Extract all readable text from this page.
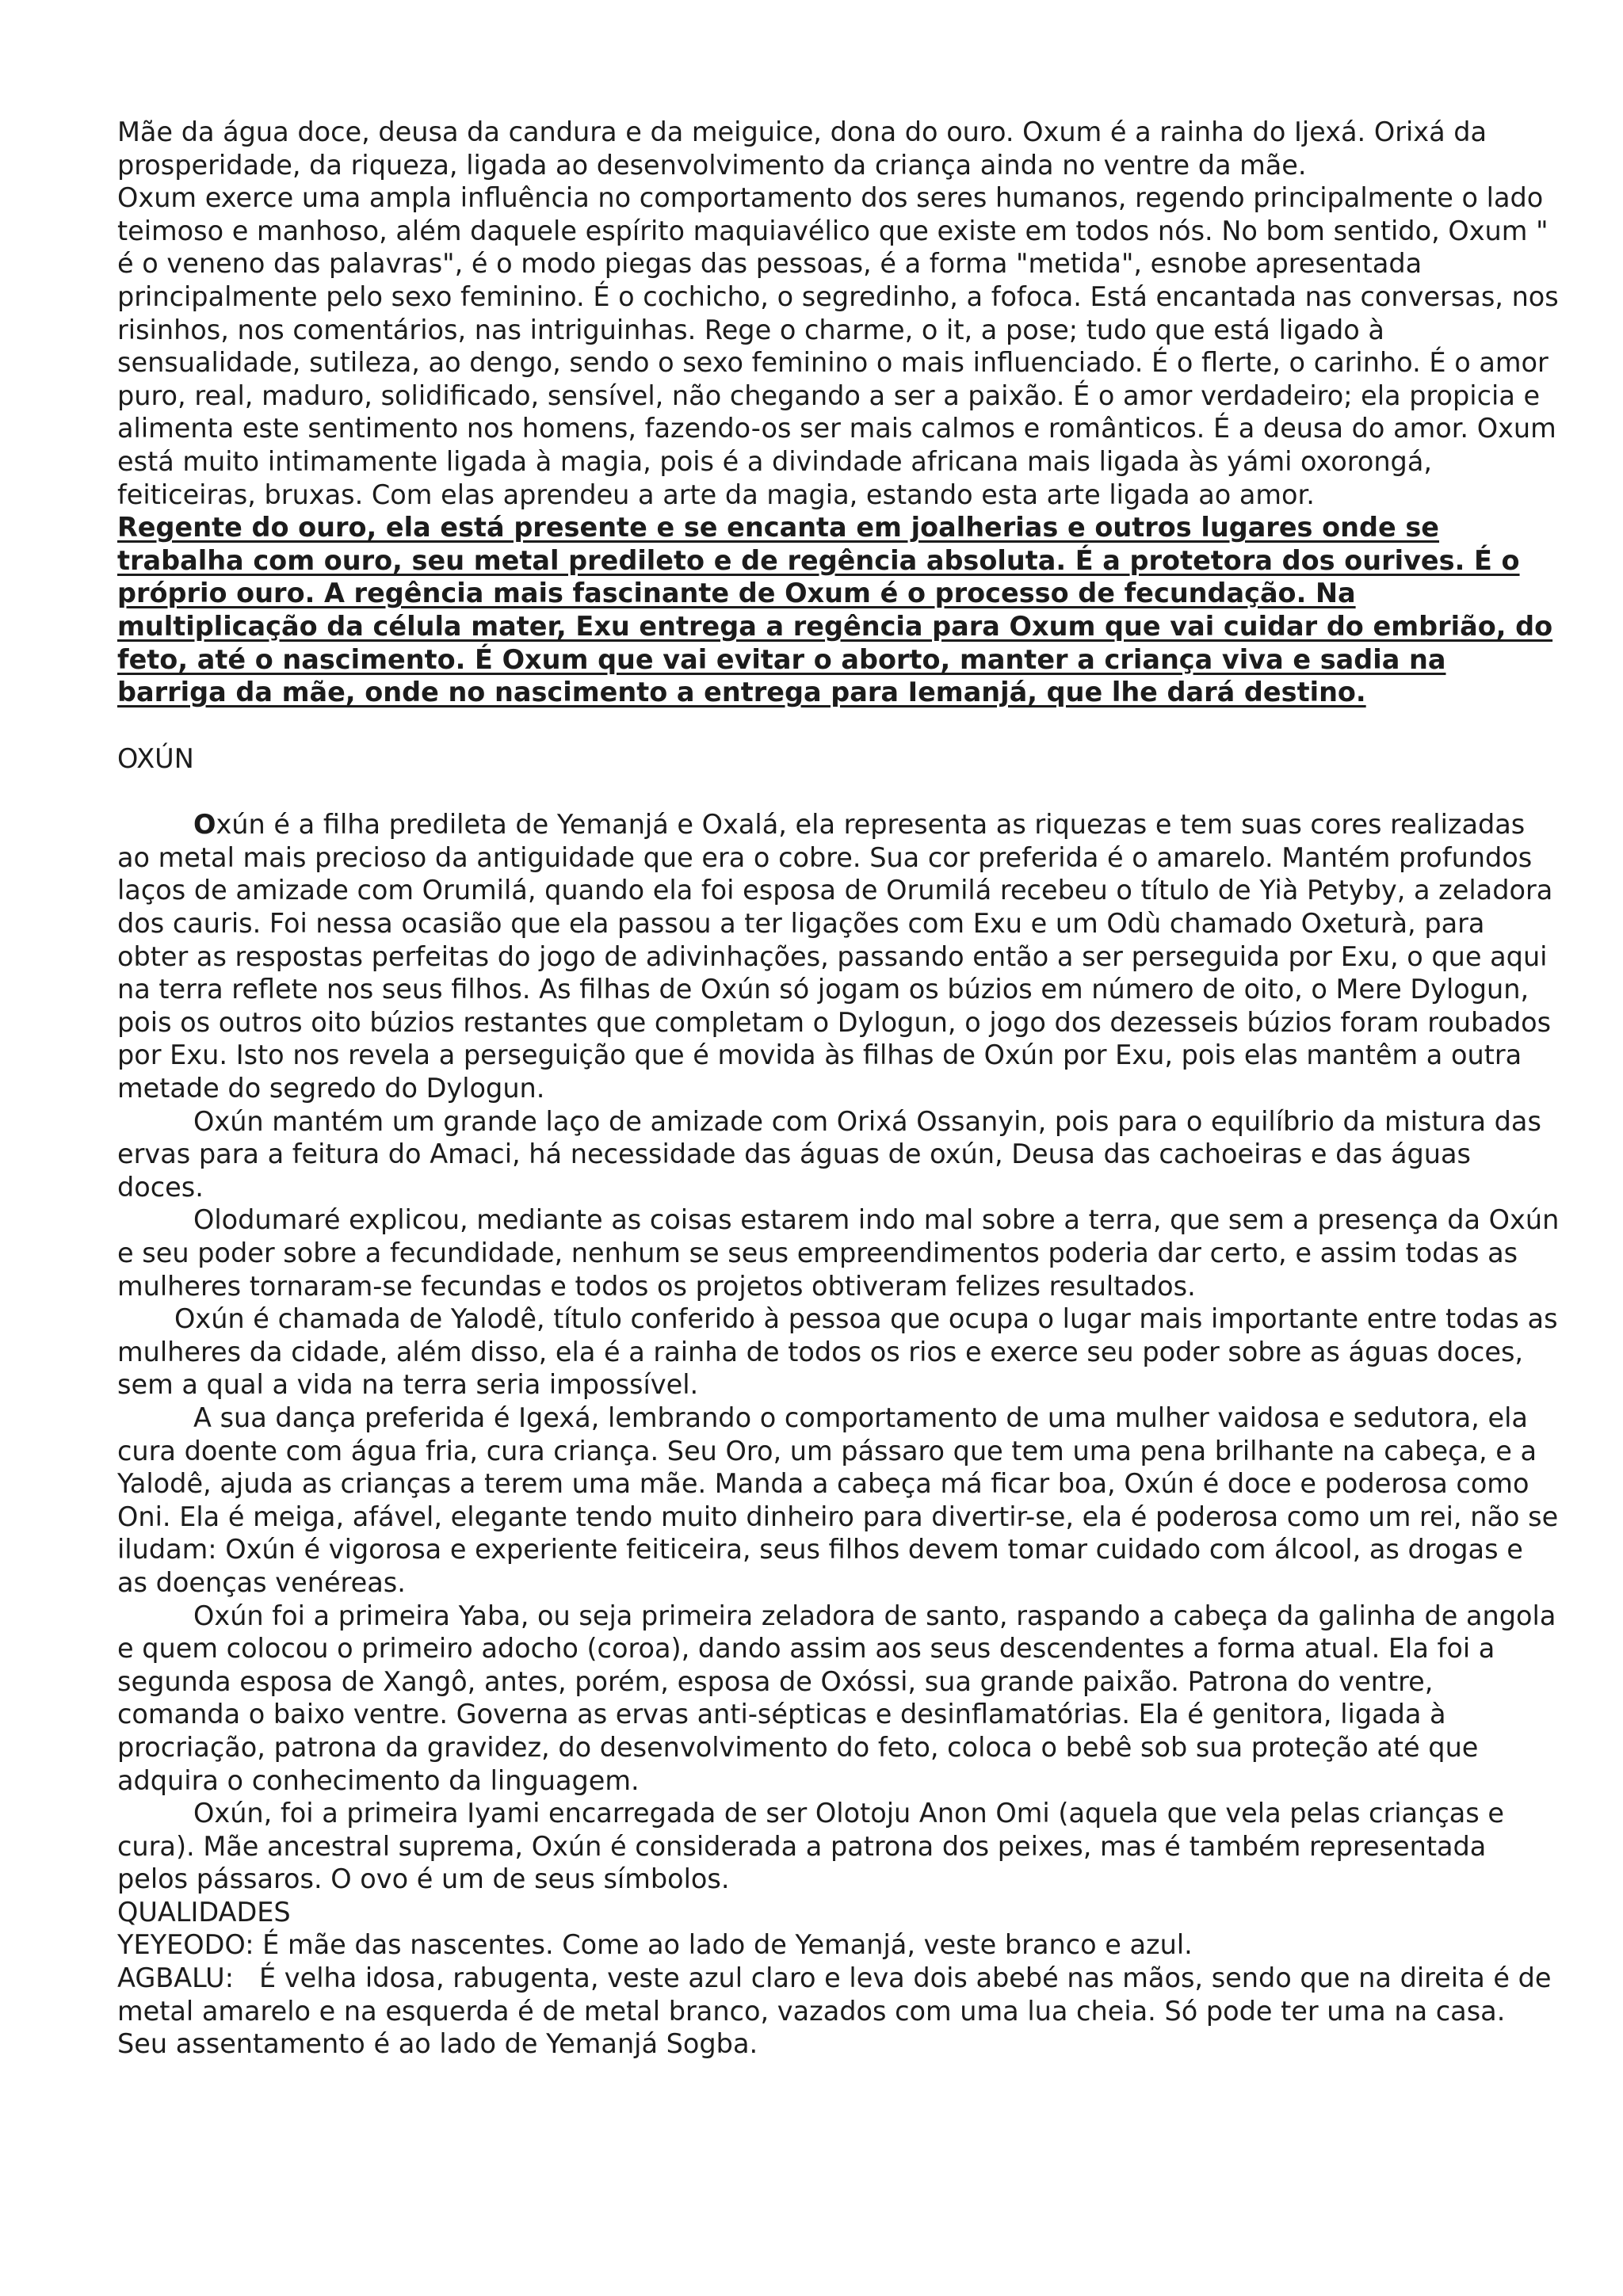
Mãe da água doce, deusa da candura e da meiguice, dona do ouro. Oxum é a rainha do Ijexá. Orixá da prosperidade, da riqueza, ligada ao desenvolvimento da criança ainda no ventre da mãe.

Oxum exerce uma ampla influência no comportamento dos seres humanos, regendo principalmente o lado teimoso e manhoso, além daquele espírito maquiavélico que existe em todos nós. No bom sentido, Oxum " é o veneno das palavras", é o modo piegas das pessoas, é a forma "metida", esnobe apresentada principalmente pelo sexo feminino. É o cochicho, o segredinho, a fofoca. Está encantada nas conversas, nos risinhos, nos comentários, nas intriguinhas. Rege o charme, o it, a pose; tudo que está ligado à sensualidade, sutileza, ao dengo, sendo o sexo feminino o mais influenciado. É o flerte, o carinho. É o amor puro, real, maduro, solidificado, sensível, não chegando a ser a paixão. É o amor verdadeiro; ela propicia e alimenta este sentimento nos homens, fazendo-os ser mais calmos e românticos. É a deusa do amor. Oxum está muito intimamente ligada à magia, pois é a divindade africana mais ligada às yámi oxorongá, feiticeiras, bruxas. Com elas aprendeu a arte da magia, estando esta arte ligada ao amor.

Regente do ouro, ela está presente e se encanta em joalherias e outros lugares onde se trabalha com ouro, seu metal predileto e de regência absoluta. É a protetora dos ourives. É o próprio ouro. A regência mais fascinante de Oxum é o processo de fecundação. Na multiplicação da célula mater, Exu entrega a regência para Oxum que vai cuidar do embrião, do feto, até o nascimento. É Oxum que vai evitar o aborto, manter a criança viva e sadia na barriga da mãe, onde no nascimento a entrega para Iemanjá, que lhe dará destino.

OXÚN

Oxún é a filha predileta de Yemanjá e Oxalá, ela representa as riquezas e tem suas cores realizadas ao metal mais precioso da antiguidade que era o cobre. Sua cor preferida é o amarelo. Mantém profundos laços de amizade com Orumilá, quando ela foi esposa de Orumilá recebeu o título de Yià Petyby, a zeladora dos cauris. Foi nessa ocasião que ela passou a ter ligações com Exu e um Odù chamado Oxeturà, para obter as respostas perfeitas do jogo de adivinhações, passando então a ser perseguida por Exu, o que aqui na terra reflete nos seus filhos. As filhas de Oxún só jogam os búzios em número de oito, o Mere Dylogun, pois os outros oito búzios restantes que completam o Dylogun, o jogo dos dezesseis búzios foram roubados por Exu. Isto nos revela a perseguição que é movida às filhas de Oxún por Exu, pois elas mantêm a outra metade do segredo do Dylogun.

Oxún mantém um grande laço de amizade com Orixá Ossanyin, pois para o equilíbrio da mistura das ervas para a feitura do Amaci, há necessidade das águas de oxún, Deusa das cachoeiras e das águas doces.

Olodumaré explicou, mediante as coisas estarem indo mal sobre a terra, que sem a presença da Oxún e seu poder sobre a fecundidade, nenhum se seus empreendimentos poderia dar certo, e assim todas as mulheres tornaram-se fecundas e todos os projetos obtiveram felizes resultados.

Oxún é chamada de Yalodê, título conferido à pessoa que ocupa o lugar mais importante entre todas as mulheres da cidade, além disso, ela é a rainha de todos os rios e exerce seu poder sobre as águas doces, sem a qual a vida na terra seria impossível.

A sua dança preferida é Igexá, lembrando o comportamento de uma mulher vaidosa e sedutora, ela cura doente com água fria, cura criança. Seu Oro, um pássaro que tem uma pena brilhante na cabeça, e a Yalodê, ajuda as crianças a terem uma mãe. Manda a cabeça má ficar boa, Oxún é doce e poderosa como Oni. Ela é meiga, afável, elegante tendo muito dinheiro para divertir-se, ela é poderosa como um rei, não se iludam: Oxún é vigorosa e experiente feiticeira, seus filhos devem tomar cuidado com álcool, as drogas e as doenças venéreas.

Oxún foi a primeira Yaba, ou seja primeira zeladora de santo, raspando a cabeça da galinha de angola e quem colocou o primeiro adocho (coroa), dando assim aos seus descendentes a forma atual. Ela foi a segunda esposa de Xangô, antes, porém, esposa de Oxóssi, sua grande paixão. Patrona do ventre, comanda o baixo ventre. Governa as ervas anti-sépticas e desinflamatórias. Ela é genitora, ligada à procriação, patrona da gravidez, do desenvolvimento do feto, coloca o bebê sob sua proteção até que adquira o conhecimento da linguagem.

Oxún, foi a primeira Iyami encarregada de ser Olotoju Anon Omi (aquela que vela pelas crianças e cura). Mãe ancestral suprema, Oxún é considerada a patrona dos peixes, mas é também representada pelos pássaros. O ovo é um de seus símbolos.

QUALIDADES

YEYEODO: É mãe das nascentes. Come ao lado de Yemanjá, veste branco e azul.

AGBALU:   É velha idosa, rabugenta, veste azul claro e leva dois abebé nas mãos, sendo que na direita é de metal amarelo e na esquerda é de metal branco, vazados com uma lua cheia. Só pode ter uma na casa. Seu assentamento é ao lado de Yemanjá Sogba.
